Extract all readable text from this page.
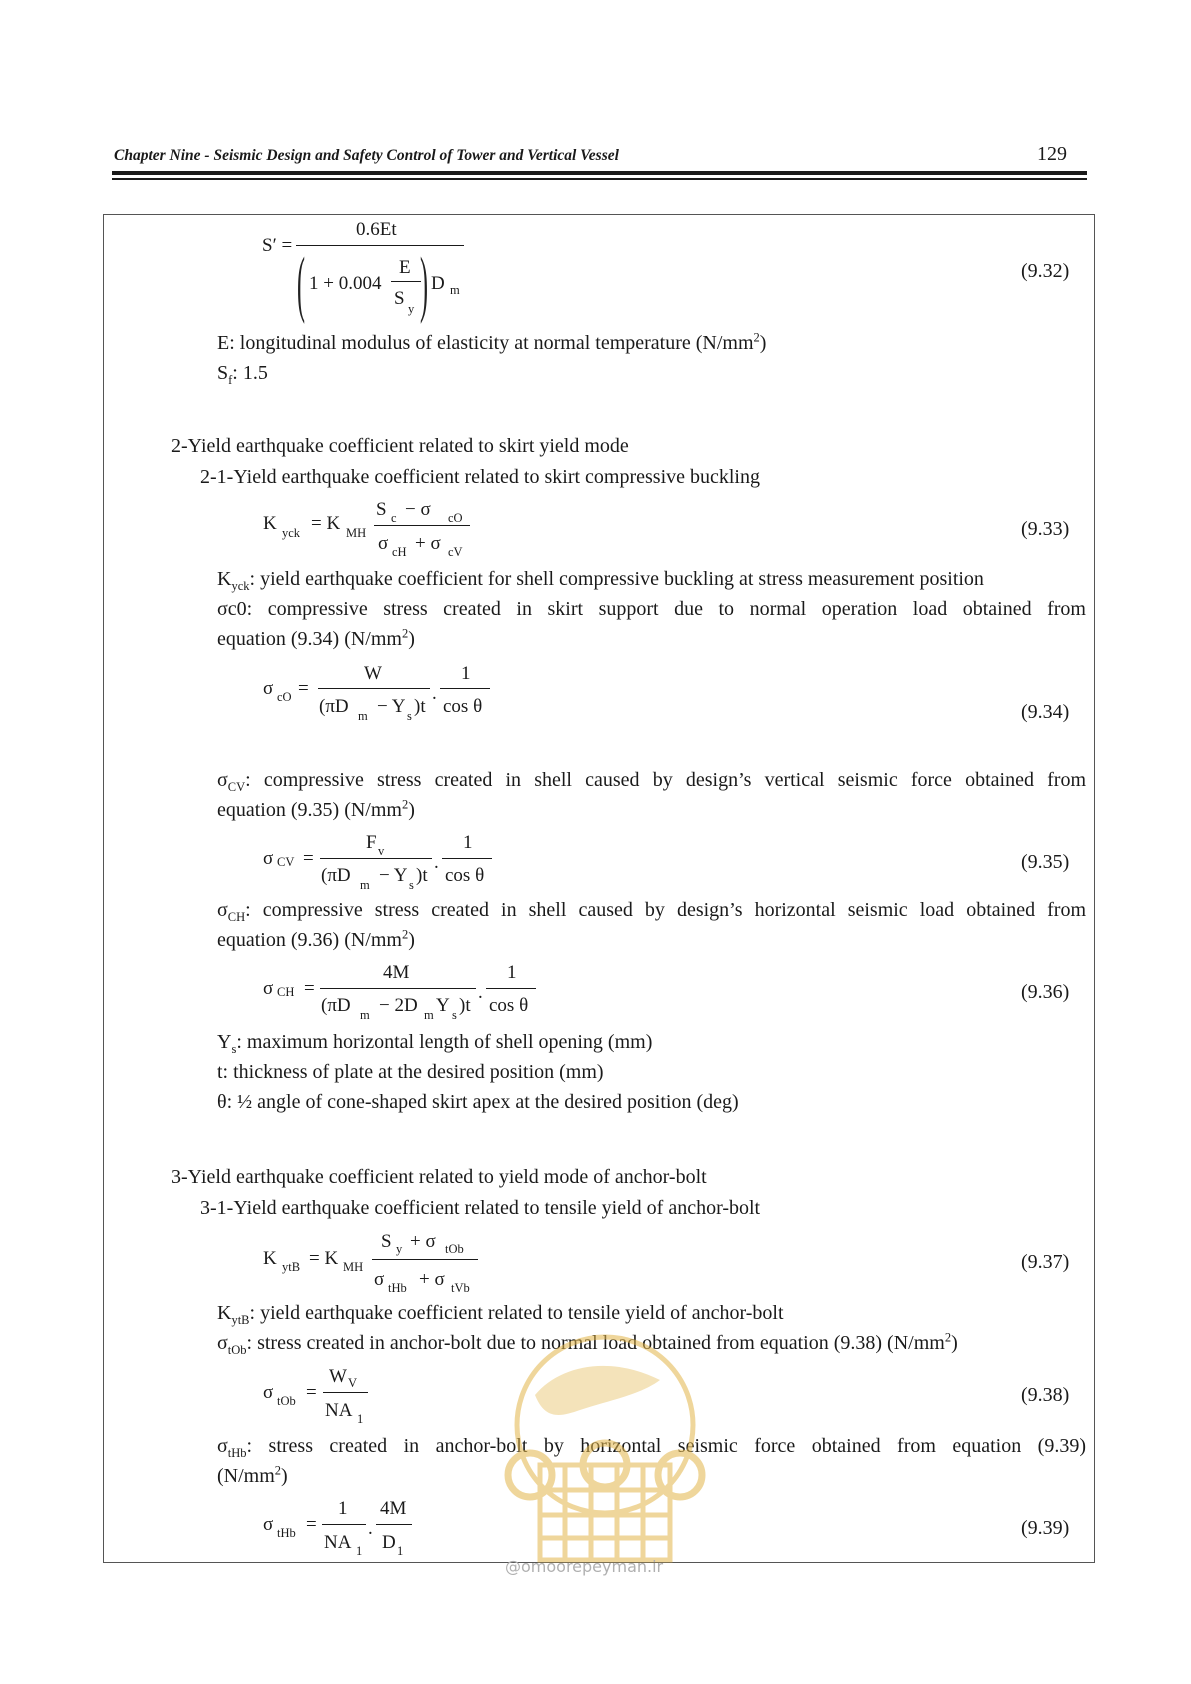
Chapter Nine - Seismic Design and Safety Control of Tower and Vertical Vessel	129
S′ =
0.6Et
( 1 + 0.004
E
S y ) D m
(9.32)
E: longitudinal modulus of elasticity at normal temperature $(N/mm^2)$
$S_f$: 1.5
2-Yield earthquake coefficient related to skirt yield mode
2-1-Yield earthquake coefficient related to skirt compressive buckling
K yck = K MH
S c − σ cO
σ cH + σ cV
(9.33)
$K_{yck}$: yield earthquake coefficient for shell compressive buckling at stress measurement position
σc0: compressive stress created in skirt support due to normal operation load obtained from
equation (9.34) $(N/mm^2)$
σ cO =
W
(πD m − Y s )t
.
1
cos θ	(9.34)
$\sigma_{CV}$: compressive stress created in shell caused by design’s vertical seismic force obtained from
equation (9.35) $(N/mm^2)$
σ CV =
F v
(πD m − Y s )t
.
1
cos θ
(9.35)
$\sigma_{CH}$: compressive stress created in shell caused by design’s horizontal seismic load obtained from
equation (9.36) $(N/mm^2)$
σ CH =
4M
(πD m − 2D m Y s )t
.
1
cos θ
(9.36)
$Y_s$: maximum horizontal length of shell opening (mm)
t: thickness of plate at the desired position (mm)
θ: ½ angle of cone-shaped skirt apex at the desired position (deg)
3-Yield earthquake coefficient related to yield mode of anchor-bolt
3-1-Yield earthquake coefficient related to tensile yield of anchor-bolt
K ytB = K MH
S y + σ tOb
σ tHb + σ tVb
(9.37)
$K_{ytB}$: yield earthquake coefficient related to tensile yield of anchor-bolt
$\sigma_{tOb}$: stress created in anchor-bolt due to normal load obtained from equation (9.38) $(N/mm^2)$
σ tOb =
W V
NA 1
(9.38)
$\sigma_{tHb}$: stress created in anchor-bolt by horizontal seismic force obtained from equation (9.39)
$(N/mm^2)$
σ tHb =
1
NA 1
.
4M
D 1
(9.39)
@omoorepeyman.ir
